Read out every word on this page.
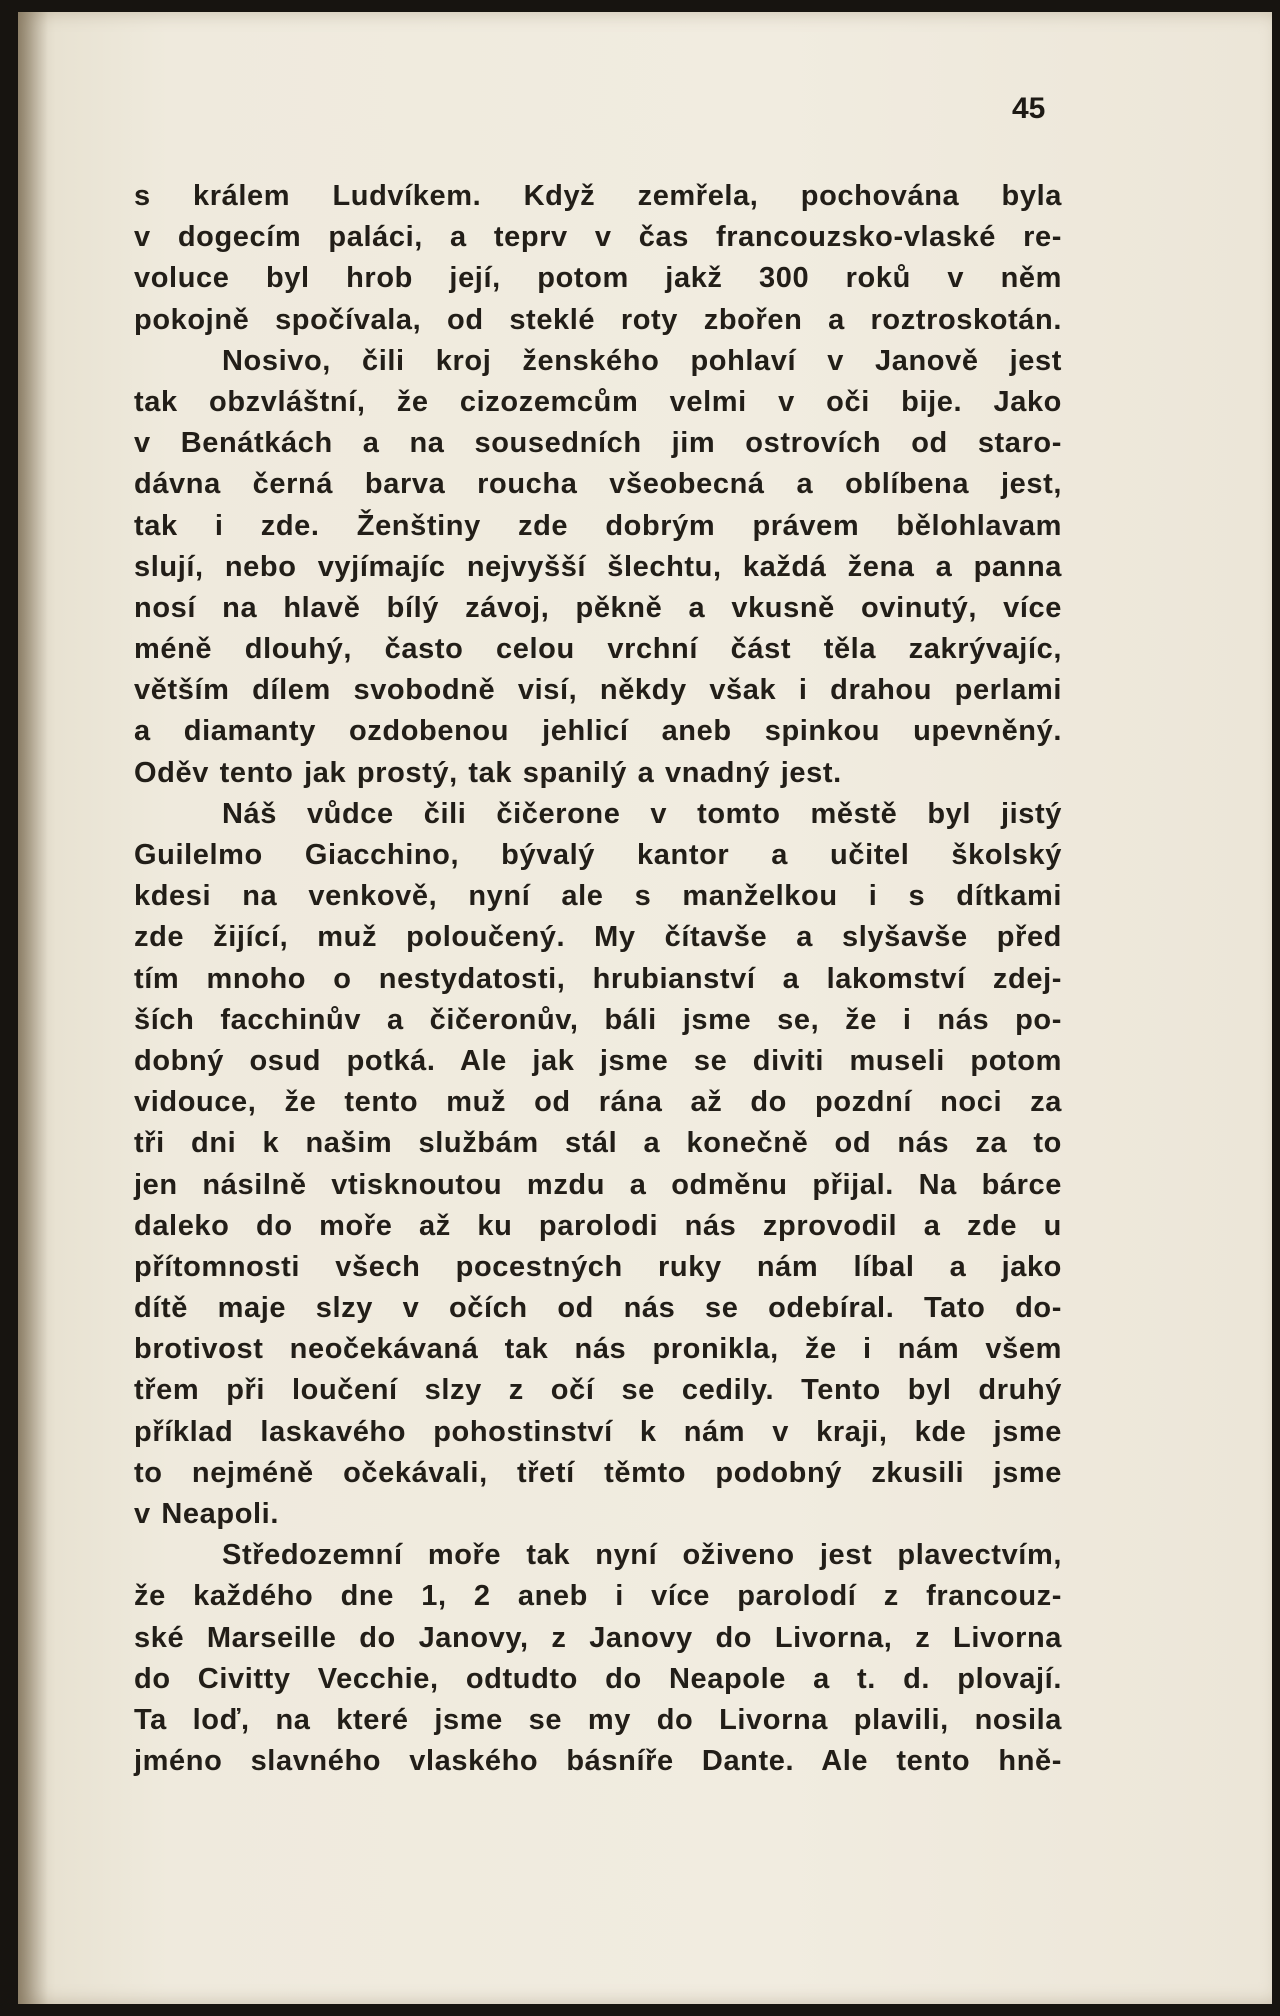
45
s králem Ludvíkem. Když zemřela, pochována byla
v dogecím paláci, a teprv v čas francouzsko-vlaské re-
voluce byl hrob její, potom jakž 300 roků v něm
pokojně spočívala, od steklé roty zbořen a roztroskotán.
Nosivo, čili kroj ženského pohlaví v Janově jest
tak obzvláštní, že cizozemcům velmi v oči bije. Jako
v Benátkách a na sousedních jim ostrovích od staro-
dávna černá barva roucha všeobecná a oblíbena jest,
tak i zde. Ženštiny zde dobrým právem bělohlavam
slují, nebo vyjímajíc nejvyšší šlechtu, každá žena a panna
nosí na hlavě bílý závoj, pěkně a vkusně ovinutý, více
méně dlouhý, často celou vrchní část těla zakrývajíc,
větším dílem svobodně visí, někdy však i drahou perlami
a diamanty ozdobenou jehlicí aneb spinkou upevněný.
Oděv tento jak prostý, tak spanilý a vnadný jest.
Náš vůdce čili čičerone v tomto městě byl jistý
Guilelmo Giacchino, bývalý kantor a učitel školský
kdesi na venkově, nyní ale s manželkou i s dítkami
zde žijící, muž poloučený. My čítavše a slyšavše před
tím mnoho o nestydatosti, hrubianství a lakomství zdej-
ších facchinův a čičeronův, báli jsme se, že i nás po-
dobný osud potká. Ale jak jsme se diviti museli potom
vidouce, že tento muž od rána až do pozdní noci za
tři dni k našim službám stál a konečně od nás za to
jen násilně vtisknoutou mzdu a odměnu přijal. Na bárce
daleko do moře až ku parolodi nás zprovodil a zde u
přítomnosti všech pocestných ruky nám líbal a jako
dítě maje slzy v očích od nás se odebíral. Tato do-
brotivost neočekávaná tak nás pronikla, že i nám všem
třem při loučení slzy z očí se cedily. Tento byl druhý
příklad laskavého pohostinství k nám v kraji, kde jsme
to nejméně očekávali, třetí těmto podobný zkusili jsme
v Neapoli.
Středozemní moře tak nyní oživeno jest plavectvím,
že každého dne 1, 2 aneb i více parolodí z francouz-
ské Marseille do Janovy, z Janovy do Livorna, z Livorna
do Civitty Vecchie, odtudto do Neapole a t. d. plovají.
Ta loď, na které jsme se my do Livorna plavili, nosila
jméno slavného vlaského básníře Dante. Ale tento hně-
